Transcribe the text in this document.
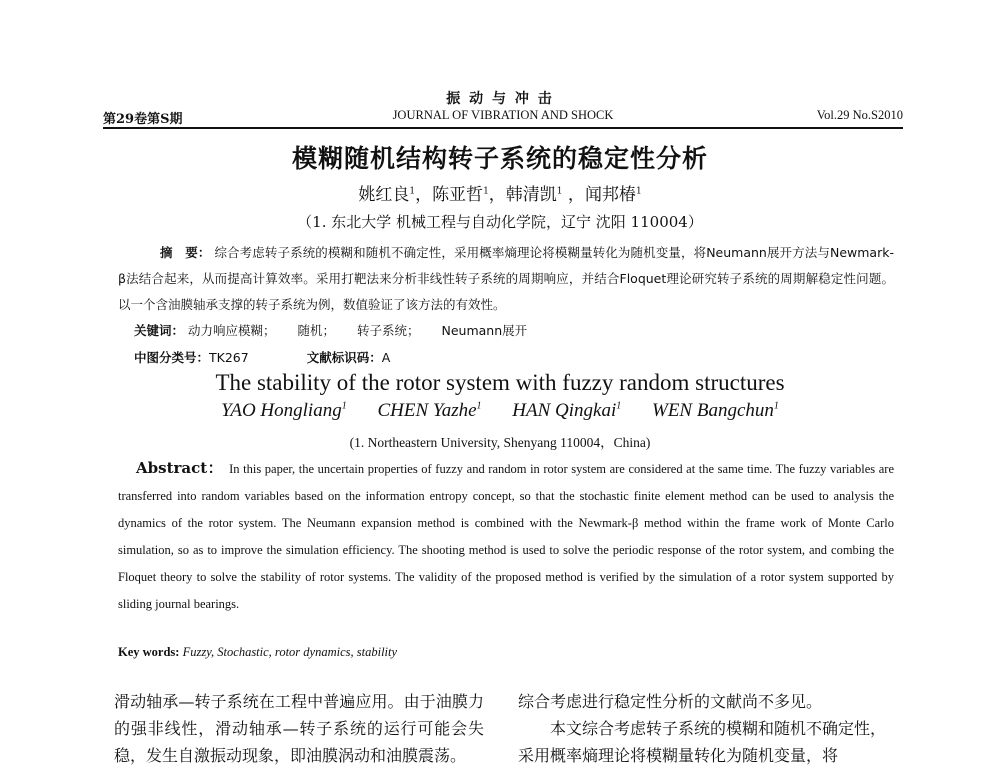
振 动 与 冲 击
第29卷第S期	JOURNAL OF VIBRATION AND SHOCK	Vol.29 No.S2010
模糊随机结构转子系统的稳定性分析
姚红良$^1$，陈亚哲$^1$，韩清凯$^1$ ，闻邦椿$^1$
（1. 东北大学 机械工程与自动化学院，辽宁 沈阳 110004）
摘　要： 综合考虑转子系统的模糊和随机不确定性，采用概率熵理论将模糊量转化为随机变量，将Neumann展开方法与Newmark-β法结合起来，从而提高计算效率。采用打靶法来分析非线性转子系统的周期响应，并结合Floquet理论研究转子系统的周期解稳定性问题。以一个含油膜轴承支撑的转子系统为例，数值验证了该方法的有效性。
关键词： 动力响应模糊； 随机； 转子系统； Neumann展开
中图分类号：TK267	文献标识码：A
The stability of the rotor system with fuzzy random structures
YAO Hongliang$^1$ CHEN Yazhe$^1$ HAN Qingkai$^1$ WEN Bangchun$^1$
(1. Northeastern University, Shenyang 110004，China)
Abstract： In this paper, the uncertain properties of fuzzy and random in rotor system are considered at the same time. The fuzzy variables are transferred into random variables based on the information entropy concept, so that the stochastic finite element method can be used to analysis the dynamics of the rotor system. The Neumann expansion method is combined with the Newmark-β method within the frame work of Monte Carlo simulation, so as to improve the simulation efficiency. The shooting method is used to solve the periodic response of the rotor system, and combing the Floquet theory to solve the stability of rotor systems. The validity of the proposed method is verified by the simulation of a rotor system supported by sliding journal bearings.
Key words: Fuzzy, Stochastic, rotor dynamics, stability
滑动轴承—转子系统在工程中普遍应用。由于油膜力的强非线性，滑动轴承—转子系统的运行可能会失稳，发生自激振动现象，即油膜涡动和油膜震荡。
综合考虑进行稳定性分析的文献尚不多见。
本文综合考虑转子系统的模糊和随机不确定性，
采用概率熵理论将模糊量转化为随机变量，将
